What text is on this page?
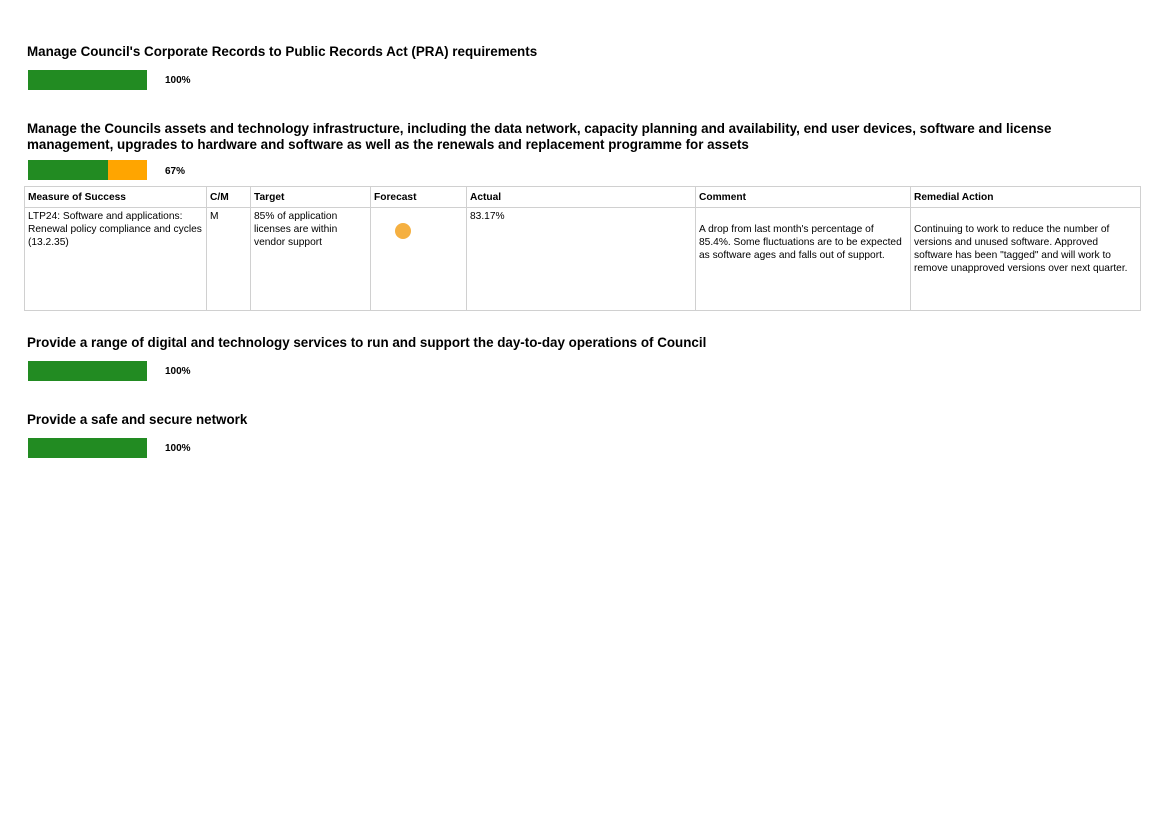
Manage Council's Corporate Records to Public Records Act (PRA) requirements
100%
Manage the Councils assets and technology infrastructure, including the data network, capacity planning and availability, end user devices, software and license management, upgrades to hardware and software as well as the renewals and replacement programme for assets
67%
Measure of Success	C/M	Target	Forecast	Actual	Comment	Remedial Action
LTP24: Software and applications: Renewal policy compliance and cycles (13.2.35)	M	85% of application licenses are within vendor support		83.17%	A drop from last month's percentage of 85.4%. Some fluctuations are to be expected as software ages and falls out of support.	Continuing to work to reduce the number of versions and unused software. Approved software has been "tagged" and will work to remove unapproved versions over next quarter.
Provide a range of digital and technology services to run and support the day-to-day operations of Council
100%
Provide a safe and secure network
100%
